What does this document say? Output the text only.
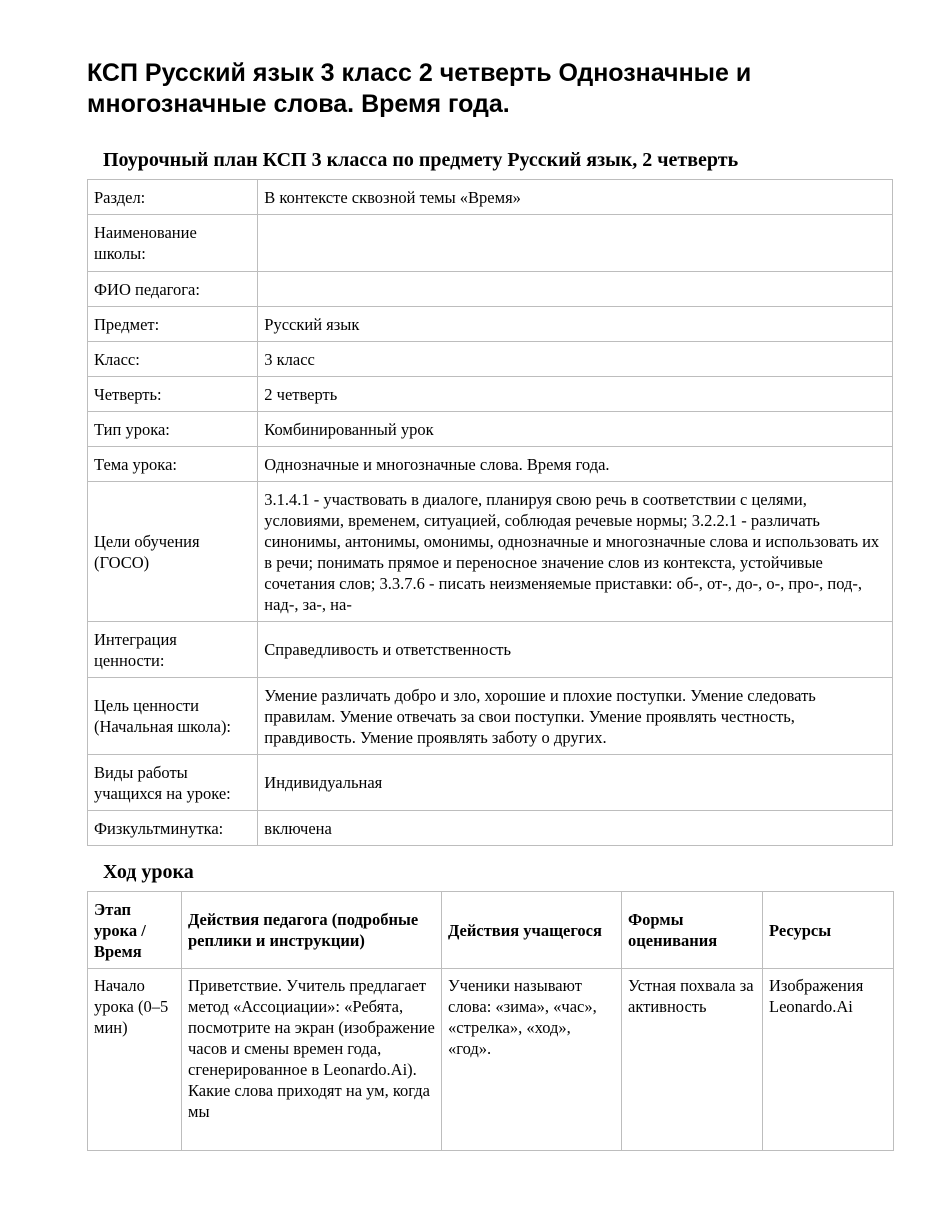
КСП Русский язык 3 класс 2 четверть Однозначные и многозначные слова. Время года.
Поурочный план КСП 3 класса по предмету Русский язык, 2 четверть
Раздел:	В контексте сквозной темы «Время»
Наименование школы:	
ФИО педагога:	
Предмет:	Русский язык
Класс:	3 класс
Четверть:	2 четверть
Тип урока:	Комбинированный урок
Тема урока:	Однозначные и многозначные слова. Время года.
Цели обучения (ГОСО)	3.1.4.1 - участвовать в диалоге, планируя свою речь в соответствии с целями, условиями, временем, ситуацией, соблюдая речевые нормы; 3.2.2.1 - различать синонимы, антонимы, омонимы, однозначные и многозначные слова и использовать их в речи; понимать прямое и переносное значение слов из контекста, устойчивые сочетания слов; 3.3.7.6 - писать неизменяемые приставки: об-, от-, до-, о-, про-, под-, над-, за-, на-
Интеграция ценности:	Справедливость и ответственность
Цель ценности (Начальная школа):	Умение различать добро и зло, хорошие и плохие поступки. Умение следовать правилам. Умение отвечать за свои поступки. Умение проявлять честность, правдивость. Умение проявлять заботу о других.
Виды работы учащихся на уроке:	Индивидуальная
Физкультминутка:	включена
Ход урока
Этап урока / Время	Действия педагога (подробные реплики и инструкции)	Действия учащегося	Формы оценивания	Ресурсы
Начало урока (0–5 мин)	Приветствие. Учитель предлагает метод «Ассоциации»: «Ребята, посмотрите на экран (изображение часов и смены времен года, сгенерированное в Leonardo.Ai). Какие слова приходят на ум, когда мы	Ученики называют слова: «зима», «час», «стрелка», «ход», «год».	Устная похвала за активность	Изображения Leonardo.Ai
